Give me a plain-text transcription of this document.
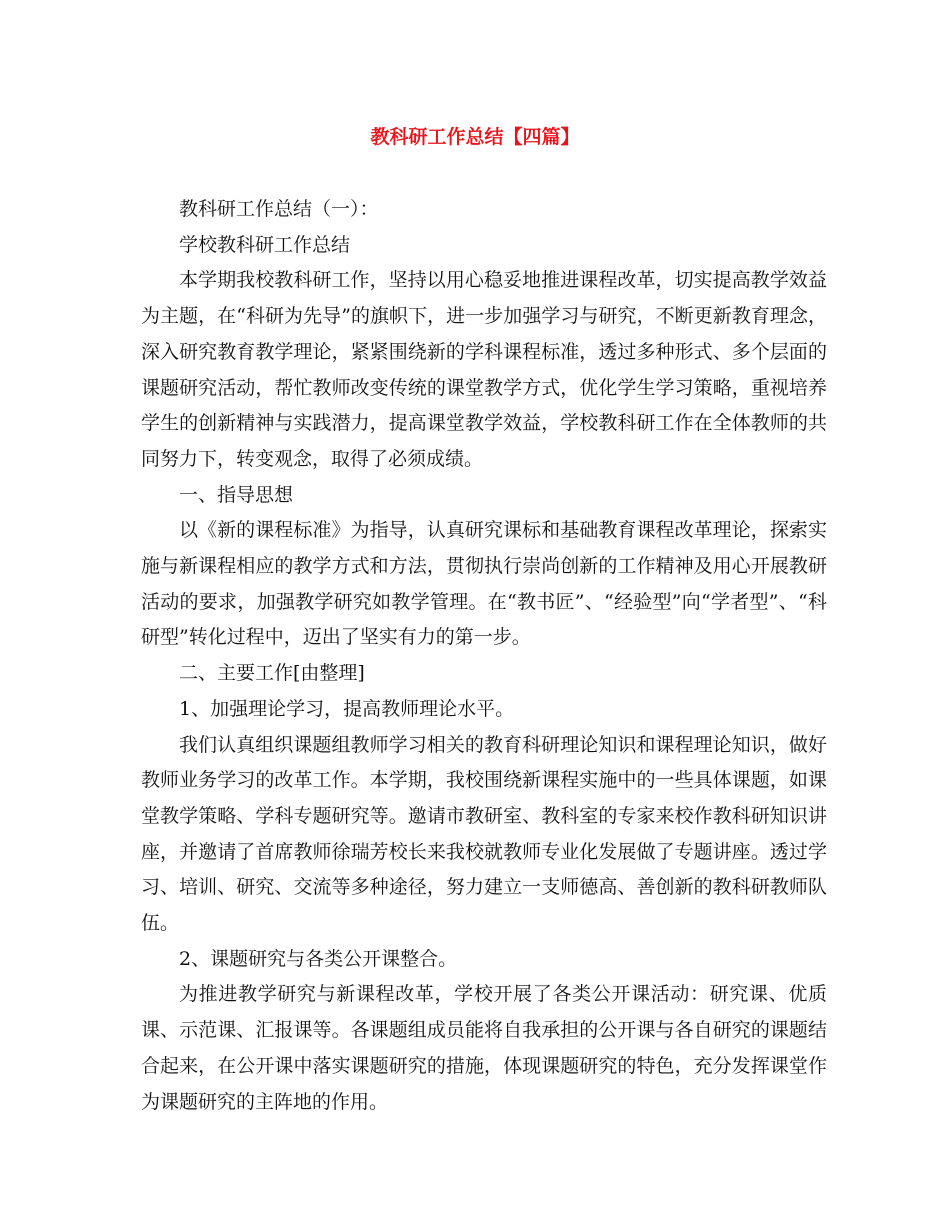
教科研工作总结【四篇】

教科研工作总结（一）：

学校教科研工作总结

本学期我校教科研工作，坚持以用心稳妥地推进课程改革，切实提高教学效益为主题，在“科研为先导”的旗帜下，进一步加强学习与研究，不断更新教育理念，深入研究教育教学理论，紧紧围绕新的学科课程标准，透过多种形式、多个层面的课题研究活动，帮忙教师改变传统的课堂教学方式，优化学生学习策略，重视培养学生的创新精神与实践潜力，提高课堂教学效益，学校教科研工作在全体教师的共同努力下，转变观念，取得了必须成绩。

一、指导思想

以《新的课程标准》为指导，认真研究课标和基础教育课程改革理论，探索实施与新课程相应的教学方式和方法，贯彻执行崇尚创新的工作精神及用心开展教研活动的要求，加强教学研究如教学管理。在“教书匠”、“经验型”向“学者型”、“科研型”转化过程中，迈出了坚实有力的第一步。

二、主要工作[由整理]

1、加强理论学习，提高教师理论水平。

我们认真组织课题组教师学习相关的教育科研理论知识和课程理论知识，做好教师业务学习的改革工作。本学期，我校围绕新课程实施中的一些具体课题，如课堂教学策略、学科专题研究等。邀请市教研室、教科室的专家来校作教科研知识讲座，并邀请了首席教师徐瑞芳校长来我校就教师专业化发展做了专题讲座。透过学习、培训、研究、交流等多种途径，努力建立一支师德高、善创新的教科研教师队伍。

2、课题研究与各类公开课整合。

为推进教学研究与新课程改革，学校开展了各类公开课活动：研究课、优质课、示范课、汇报课等。各课题组成员能将自我承担的公开课与各自研究的课题结合起来，在公开课中落实课题研究的措施，体现课题研究的特色，充分发挥课堂作为课题研究的主阵地的作用。
